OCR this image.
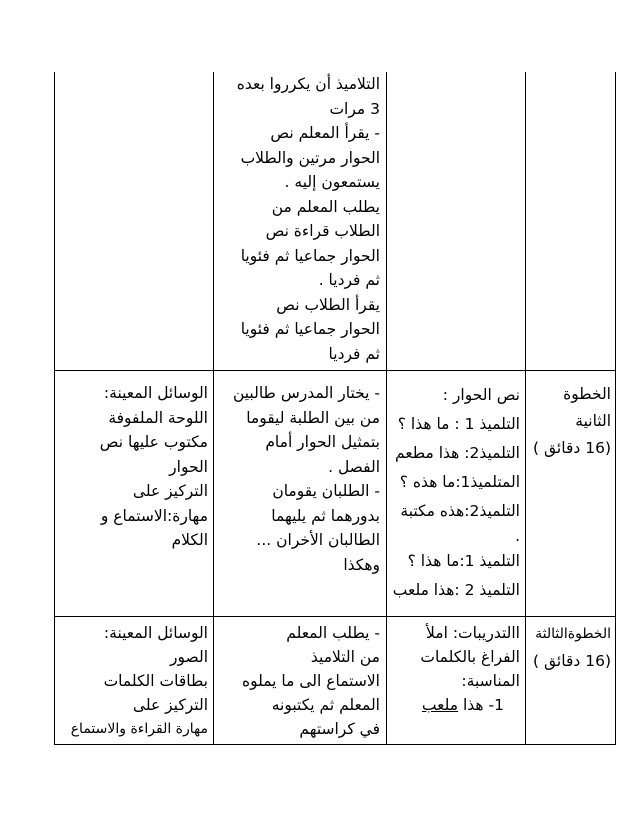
التلاميذ أن يكرروا بعده
3 مرات
- يقرأ المعلم نص
الحوار مرتين والطلاب
يستمعون إليه .
يطلب المعلم من
الطلاب قراءة نص
الحوار جماعيا ثم فئويا
ثم فرديا .
يقرأ الطلاب نص
الحوار جماعيا ثم فئويا
ثم فرديا
الخطوة
الثانية
(16 دقائق )
نص الحوار :
التلميذ 1 : ما هذا ؟
التلميذ2: هذا مطعم
المتلميذ1:ما هذه ؟
التلميذ2:هذه مكتبة
.
التلميذ 1:ما هذا ؟
التلميذ 2 :هذا ملعب
- يختار المدرس طالبين
من بين الطلبة ليقوما
بتمثيل الحوار أمام
الفصل .
- الطلبان يقومان
بدورهما ثم يليهما
الطالبان الأخران ...
وهكذا
الوسائل المعينة:
اللوحة الملفوفة
مكتوب عليها نص
الحوار
التركيز على
مهارة:الاستماع و
الكلام
الخطوةالثالثة
(16 دقائق )
االتدريبات: املأ
الفراغ بالكلمات
المناسبة:
1- هذا ملعب
- يطلب المعلم
من التلاميذ
الاستماع الى ما يملوه
المعلم ثم يكتبونه
في كراستهم
الوسائل المعينة:
الصور
بطاقات الكلمات
التركيز على
مهارة القراءة والاستماع
